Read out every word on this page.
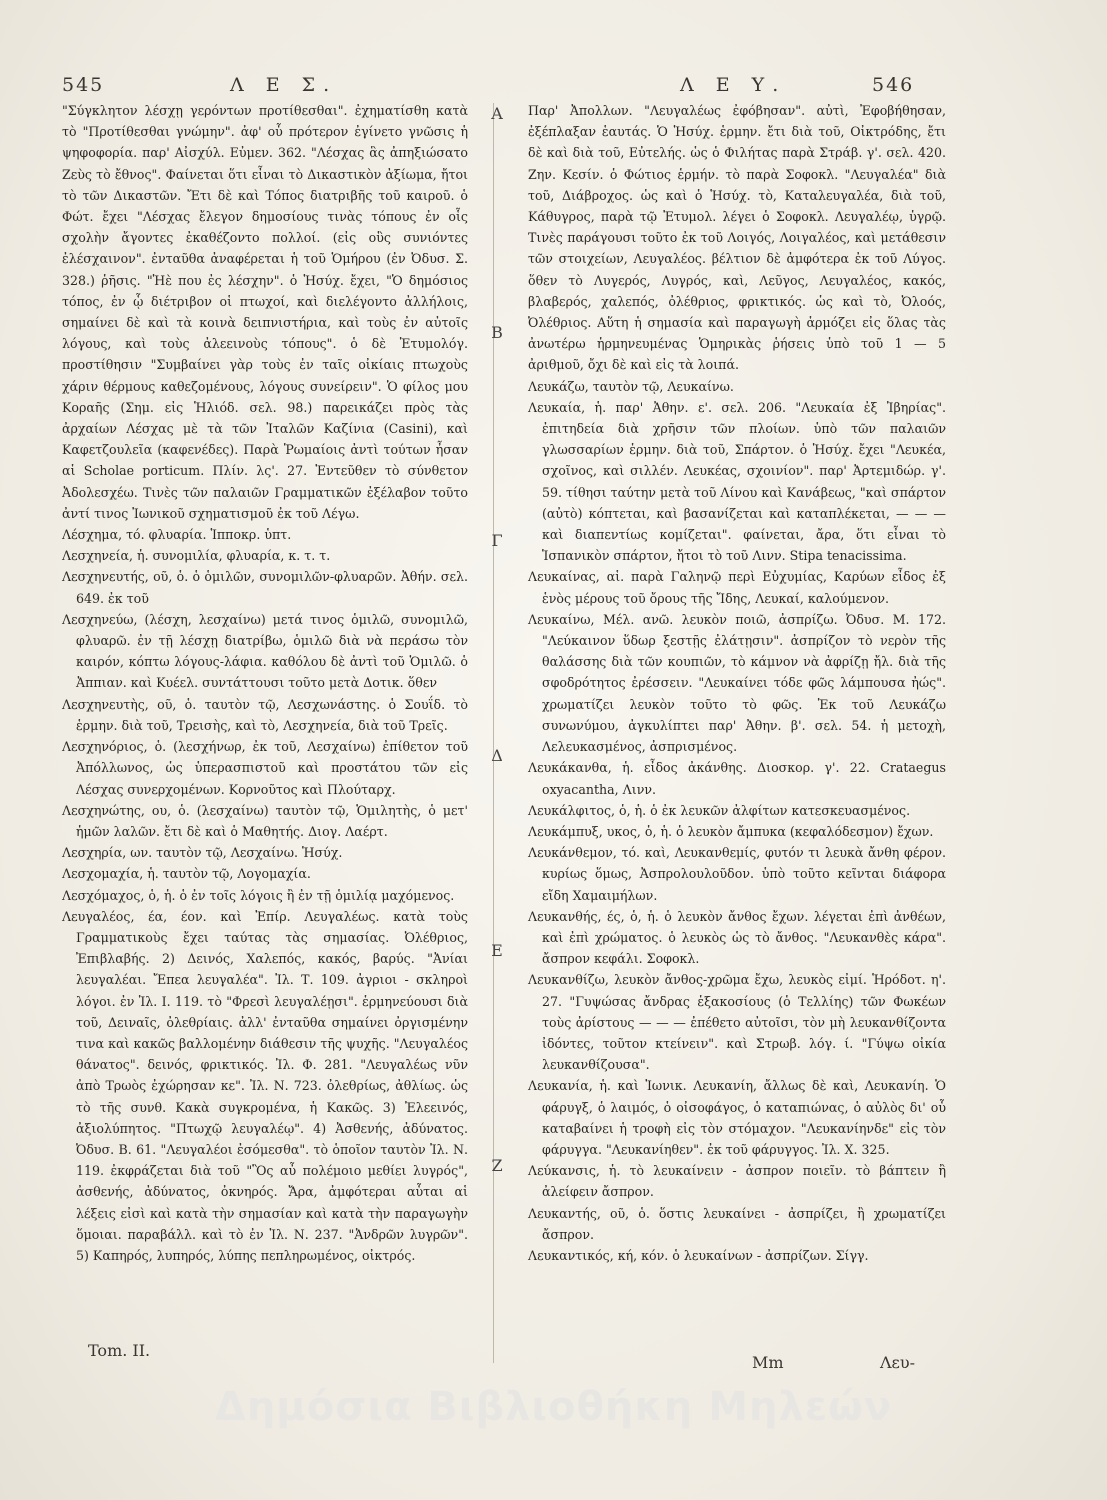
545	Λ Ε Σ.	Λ Ε Υ.	546

"Σύγκλητον λέσχῃ γερόντων προτίθεσθαι". ἐχηματίσθη κατὰ τὸ "Προτίθεσθαι γνώμην". ἀφ' οὗ πρότερον ἐγίνετο γνῶσις ἡ ψηφοφορία. παρ' Αἰσχύλ. Εὐμεν. 362. "Λέσχας ἃς ἀπηξιώσατο Ζεὺς τὸ ἔθνος". Φαίνεται ὅτι εἶναι τὸ Δικαστικὸν ἀξίωμα, ἤτοι τὸ τῶν Δικαστῶν. Ἔτι δὲ καὶ Τόπος διατριβῆς τοῦ καιροῦ. ὁ Φώτ. ἔχει "Λέσχας ἔλεγον δημοσίους τινὰς τόπους ἐν οἷς σχολὴν ἄγοντες ἐκαθέζοντο πολλοί. (εἰς οὓς συνιόντες ἐλέσχαινον". ἐνταῦθα ἀναφέρεται ἡ τοῦ Ὁμήρου (ἐν Ὀδυσ. Σ. 328.) ῥῆσις. "Ἠὲ που ἐς λέσχην". ὁ Ἡσύχ. ἔχει, "Ὁ δημόσιος τόπος, ἐν ᾧ διέτριβον οἱ πτωχοί, καὶ διελέγοντο ἀλλήλοις, σημαίνει δὲ καὶ τὰ κοινὰ δειπνιστήρια, καὶ τοὺς ἐν αὐτοῖς λόγους, καὶ τοὺς ἀλεεινοὺς τόπους". ὁ δὲ Ἐτυμολόγ. προστίθησιν "Συμβαίνει γὰρ τοὺς ἐν ταῖς οἰκίαις πτωχοὺς χάριν θέρμους καθεζομένους, λόγους συνείρειν". Ὁ φίλος μου Κοραῆς (Σημ. εἰς Ἡλιόδ. σελ. 98.) παρεικάζει πρὸς τὰς ἀρχαίων Λέσχας μὲ τὰ τῶν Ἰταλῶν Καζίνια (Casini), καὶ Καφετζουλεῖα (καφενέδες). Παρὰ Ῥωμαίοις ἀντὶ τούτων ἦσαν αἱ Scholae porticum. Πλίν. λς'. 27. Ἐντεῦθεν τὸ σύνθετον Ἀδολεσχέω. Τινὲς τῶν παλαιῶν Γραμματικῶν ἐξέλαβον τοῦτο ἀντί τινος Ἰωνικοῦ σχηματισμοῦ ἐκ τοῦ Λέγω.

Λέσχημα, τό. φλυαρία. Ἱπποκρ. ὑπτ.

Λεσχηνεία, ἡ. συνομιλία, φλυαρία, κ. τ. τ.

Λεσχηνευτής, οῦ, ὁ. ὁ ὁμιλῶν, συνομιλῶν-φλυαρῶν. Ἀθήν. σελ. 649. ἐκ τοῦ

Λεσχηνεύω, (λέσχη, λεσχαίνω) μετά τινος ὁμιλῶ, συνομιλῶ, φλυαρῶ. ἐν τῇ λέσχῃ διατρίβω, ὁμιλῶ διὰ νὰ περάσω τὸν καιρόν, κόπτω λόγους-λάφια. καθόλου δὲ ἀντὶ τοῦ Ὁμιλῶ. ὁ Ἀππιαν. καὶ Κυέελ. συντάττουσι τοῦτο μετὰ Δοτικ. ὅθεν

Λεσχηνευτὴς, οῦ, ὁ. ταυτὸν τῷ, Λεσχωνάστης. ὁ Σουΐδ. τὸ ἑρμην. διὰ τοῦ, Τρεισὴς, καὶ τὸ, Λεσχηνεία, διὰ τοῦ Τρεῖς.

Λεσχηνόριος, ὁ. (λεσχήνωρ, ἐκ τοῦ, Λεσχαίνω) ἐπίθετον τοῦ Ἀπόλλωνος, ὡς ὑπερασπιστοῦ καὶ προστάτου τῶν εἰς Λέσχας συνερχομένων. Κορνοῦτος καὶ Πλούταρχ.

Λεσχηνώτης, ου, ὁ. (λεσχαίνω) ταυτὸν τῷ, Ὁμιλητὴς, ὁ μετ' ἡμῶν λαλῶν. ἔτι δὲ καὶ ὁ Μαθητής. Διογ. Λαέρτ.

Λεσχηρία, ων. ταυτὸν τῷ, Λεσχαίνω. Ἡσύχ.

Λεσχομαχία, ἡ. ταυτὸν τῷ, Λογομαχία.

Λεσχόμαχος, ὁ, ἡ. ὁ ἐν τοῖς λόγοις ἢ ἐν τῇ ὁμιλίᾳ μαχόμενος.

Λευγαλέος, έα, έον. καὶ Ἐπίρ. Λευγαλέως. κατὰ τοὺς Γραμματικοὺς ἔχει ταύτας τὰς σημασίας. Ὀλέθριος, Ἐπιβλαβής. 2) Δεινός, Χαλεπός, κακός, βαρύς. "Ἀνίαι λευγαλέαι. Ἔπεα λευγαλέα". Ἰλ. Τ. 109. ἀγριοι - σκληροὶ λόγοι. ἐν Ἰλ. Ι. 119. τὸ "Φρεσὶ λευγαλέῃσι". ἑρμηνεύουσι διὰ τοῦ, Δειναῖς, ὀλεθρίαις. ἀλλ' ἐνταῦθα σημαίνει ὀργισμένην τινα καὶ κακῶς βαλλομένην διάθεσιν τῆς ψυχῆς. "Λευγαλέος θάνατος". δεινός, φρικτικός. Ἰλ. Φ. 281. "Λευγαλέως νῦν ἀπὸ Τρωὸς ἐχώρησαν κε". Ἰλ. Ν. 723. ὀλεθρίως, ἀθλίως. ὡς τὸ τῆς συνθ. Κακὰ συγκρομένα, ἡ Κακῶς. 3) Ἐλεεινός, ἀξιολύπητος. "Πτωχῷ λευγαλέῳ". 4) Ἀσθενής, ἀδύνατος. Ὀδυσ. Β. 61. "Λευγαλέοι ἐσόμεσθα". τὸ ὁποῖον ταυτὸν Ἰλ. Ν. 119. ἐκφράζεται διὰ τοῦ "Ὃς αὖ πολέμοιο μεθίει λυγρός", ἀσθενής, ἀδύνατος, ὀκνηρός. Ἄρα, ἀμφότεραι αὗται αἱ λέξεις εἰσὶ καὶ κατὰ τὴν σημασίαν καὶ κατὰ τὴν παραγωγὴν ὅμοιαι. παραβάλλ. καὶ τὸ ἐν Ἰλ. Ν. 237. "Ἀνδρῶν λυγρῶν". 5) Καπηρός, λυπηρός, λύπης πεπληρωμένος, οἰκτρός.

Α
Β
Γ
Δ
Ε
Ζ

Παρ' Ἀπολλων. "Λευγαλέως ἐφόβησαν". αὐτὶ, Ἐφοβήθησαν, ἐξέπλαξαν ἑαυτάς. Ὁ Ἡσύχ. ἑρμην. ἔτι διὰ τοῦ, Οἰκτρόδης, ἔτι δὲ καὶ διὰ τοῦ, Εὐτελής. ὡς ὁ Φιλήτας παρὰ Στράβ. γ'. σελ. 420. Ζην. Κεσίν. ὁ Φώτιος ἑρμήν. τὸ παρὰ Σοφοκλ. "Λευγαλέα" διὰ τοῦ, Διάβροχος. ὡς καὶ ὁ Ἡσύχ. τὸ, Καταλευγαλέα, διὰ τοῦ, Κάθυγρος, παρὰ τῷ Ἐτυμολ. λέγει ὁ Σοφοκλ. Λευγαλέῳ, ὑγρῷ. Τινὲς παράγουσι τοῦτο ἐκ τοῦ Λοιγός, Λοιγαλέος, καὶ μετάθεσιν τῶν στοιχείων, Λευγαλέος. βέλτιον δὲ ἀμφότερα ἐκ τοῦ Λύγος. ὅθεν τὸ Λυγερός, Λυγρός, καὶ, Λεῦγος, Λευγαλέος, κακός, βλαβερός, χαλεπός, ὀλέθριος, φρικτικός. ὡς καὶ τὸ, Ὀλοός, Ὀλέθριος. Αὕτη ἡ σημασία καὶ παραγωγὴ ἁρμόζει εἰς ὅλας τὰς ἀνωτέρω ἡρμηνευμένας Ὁμηρικὰς ῥήσεις ὑπὸ τοῦ 1 — 5 ἀριθμοῦ, ὄχι δὲ καὶ εἰς τὰ λοιπά.

Λευκάζω, ταυτὸν τῷ, Λευκαίνω.

Λευκαία, ἡ. παρ' Ἀθην. ε'. σελ. 206. "Λευκαία ἐξ Ἰβηρίας". ἐπιτηδεία διὰ χρῆσιν τῶν πλοίων. ὑπὸ τῶν παλαιῶν γλωσσαρίων ἑρμην. διὰ τοῦ, Σπάρτον. ὁ Ἡσύχ. ἔχει "Λευκέα, σχοῖνος, καὶ σιλλέν. Λευκέας, σχοινίον". παρ' Ἀρτεμιδώρ. γ'. 59. τίθησι ταύτην μετὰ τοῦ Λίνου καὶ Κανάβεως, "καὶ σπάρτον (αὐτὸ) κόπτεται, καὶ βασανίζεται καὶ καταπλέκεται, — — — καὶ διαπεντίως κομίζεται". φαίνεται, ἄρα, ὅτι εἶναι τὸ Ἱσπανικὸν σπάρτον, ἤτοι τὸ τοῦ Λινν. Stipa tenacissima.

Λευκαίνας, αἱ. παρὰ Γαληνῷ περὶ Εὐχυμίας, Καρύων εἶδος ἐξ ἑνὸς μέρους τοῦ ὄρους τῆς Ἴδης, Λευκαί, καλούμενον.

Λευκαίνω, Μέλ. ανῶ. λευκὸν ποιῶ, ἀσπρίζω. Ὀδυσ. Μ. 172. "Λεύκαινον ὕδωρ ξεστῇς ἐλάτῃσιν". ἀσπρίζον τὸ νερὸν τῆς θαλάσσης διὰ τῶν κουπιῶν, τὸ κάμνον νὰ ἀφρίζῃ ἤλ. διὰ τῆς σφοδρότητος ἐρέσσειν. "Λευκαίνει τόδε φῶς λάμπουσα ἠώς". χρωματίζει λευκὸν τοῦτο τὸ φῶς. Ἐκ τοῦ Λευκάζω συνωνύμου, ἀγκυλίπτει παρ' Ἀθην. β'. σελ. 54. ἡ μετοχὴ, Λελευκασμένος, ἀσπρισμένος.

Λευκάκανθα, ἡ. εἶδος ἀκάνθης. Διοσκορ. γ'. 22. Crataegus oxyacantha, Λινν.

Λευκάλφιτος, ὁ, ἡ. ὁ ἐκ λευκῶν ἀλφίτων κατεσκευασμένος.

Λευκάμπυξ, υκος, ὁ, ἡ. ὁ λευκὸν ἄμπυκα (κεφαλόδεσμον) ἔχων.

Λευκάνθεμον, τό. καὶ, Λευκανθεμίς, φυτόν τι λευκὰ ἄνθη φέρον. κυρίως ὅμως, Ἀσπρολουλοῦδον. ὑπὸ τοῦτο κεῖνται διάφορα εἴδη Χαμαιμήλων.

Λευκανθής, ές, ὁ, ἡ. ὁ λευκὸν ἄνθος ἔχων. λέγεται ἐπὶ ἀνθέων, καὶ ἐπὶ χρώματος. ὁ λευκὸς ὡς τὸ ἄνθος. "Λευκανθὲς κάρα". ἄσπρον κεφάλι. Σοφοκλ.

Λευκανθίζω, λευκὸν ἄνθος-χρῶμα ἔχω, λευκὸς εἰμί. Ἡρόδοτ. η'. 27. "Γυψώσας ἄνδρας ἑξακοσίους (ὁ Τελλίης) τῶν Φωκέων τοὺς ἀρίστους — — — ἐπέθετο αὐτοῖσι, τὸν μὴ λευκανθίζοντα ἰδόντες, τοῦτον κτείνειν". καὶ Στρωβ. λόγ. ί. "Γύψω οἰκία λευκανθίζουσα".

Λευκανία, ἡ. καὶ Ἰωνικ. Λευκανίη, ἄλλως δὲ καὶ, Λευκανίη. Ὁ φάρυγξ, ὁ λαιμός, ὁ οἰσοφάγος, ὁ καταπιώνας, ὁ αὐλὸς δι' οὗ καταβαίνει ἡ τροφὴ εἰς τὸν στόμαχον. "Λευκανίηνδε" εἰς τὸν φάρυγγα. "Λευκανίηθεν". ἐκ τοῦ φάρυγγος. Ἰλ. Χ. 325.

Λεύκανσις, ἡ. τὸ λευκαίνειν - ἀσπρον ποιεῖν. τὸ βάπτειν ἢ ἀλείφειν ἄσπρον.

Λευκαντής, οῦ, ὁ. ὅστις λευκαίνει - ἀσπρίζει, ἢ χρωματίζει ἄσπρον.

Λευκαντικός, κή, κόν. ὁ λευκαίνων - ἀσπρίζων. Σίγγ.

Tom. II.
Mm	Λευ-
Δημόσια Βιβλιοθήκη Μηλεών
